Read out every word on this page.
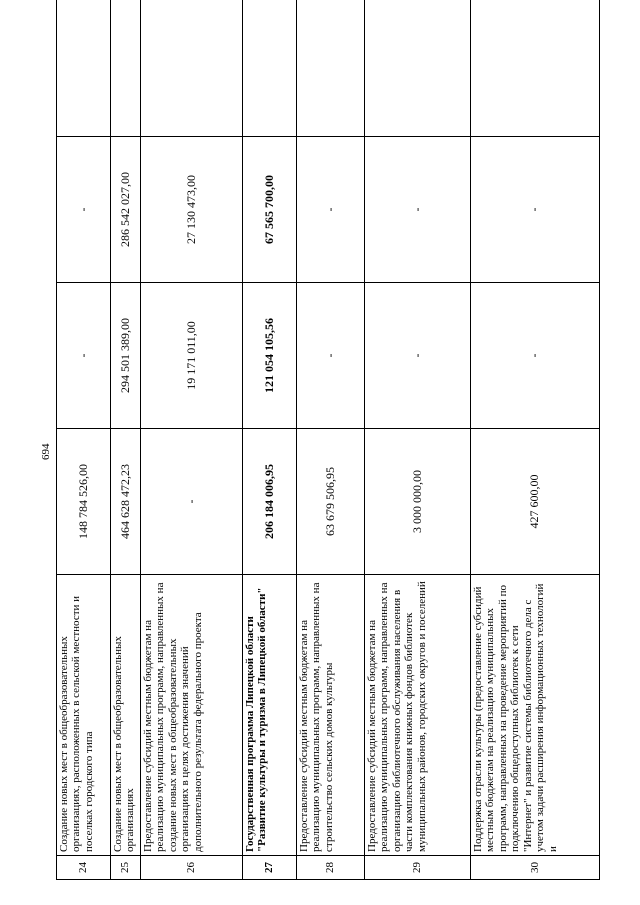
694
24	Создание новых мест в общеобразовательных организациях, расположенных в сельской местности и поселках городского типа	148 784 526,00	-	-	
25	Создание новых мест в общеобразовательных организациях	464 628 472,23	294 501 389,00	286 542 027,00	
26	Предоставление субсидий местным бюджетам на реализацию муниципальных программ, направленных на создание новых мест в общеобразовательных организациях в целях достижения значений дополнительного результата федерального проекта	-	19 171 011,00	27 130 473,00	
27	Государственная программа Липецкой области "Развитие культуры и туризма в Липецкой области"	206 184 006,95	121 054 105,56	67 565 700,00	
28	Предоставление субсидий местным бюджетам на реализацию муниципальных программ, направленных на строительство сельских домов культуры	63 679 506,95	-	-	
29	Предоставление субсидий местным бюджетам на реализацию муниципальных программ, направленных на организацию библиотечного обслуживания населения в части комплектования книжных фондов библиотек муниципальных районов, городских округов и поселений	3 000 000,00	-	-	
30	Поддержка отрасли культуры (предоставление субсидий местным бюджетам на реализацию муниципальных программ, направленных на проведение мероприятий по подключению общедоступных библиотек к сети "Интернет" и развитие системы библиотечного дела с учетом задачи расширения информационных технологий и	427 600,00	-	-	
